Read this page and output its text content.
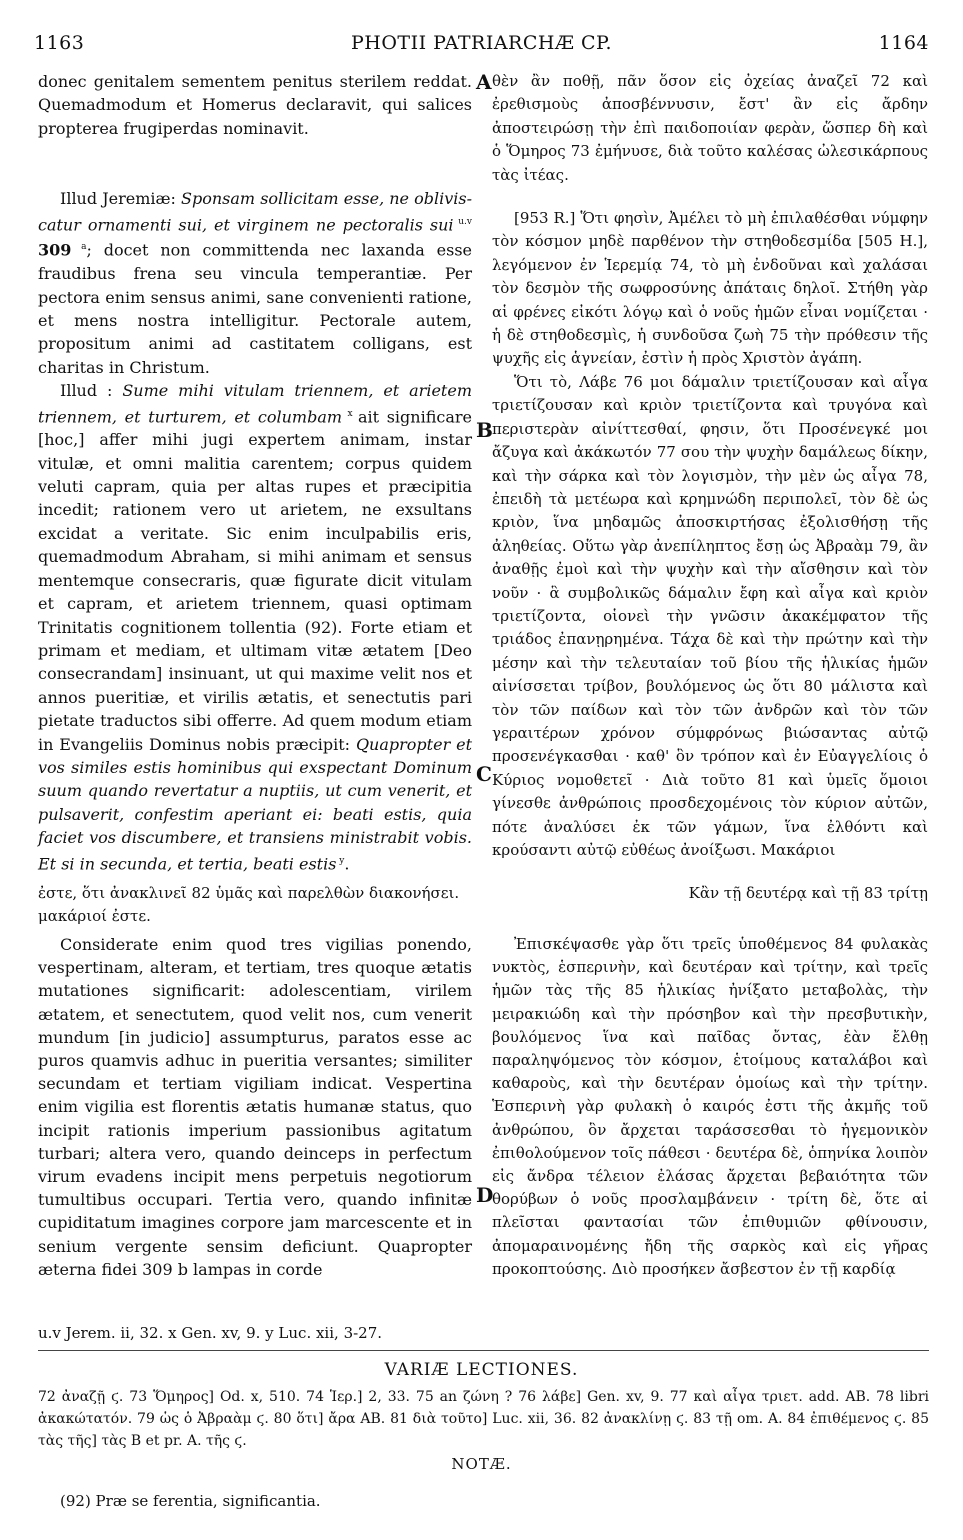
1163	PHOTII PATRIARCHÆ CP.	1164

donec genitalem sementem penitus sterilem reddat. Quemadmodum et Homerus declaravit, qui salices propterea frugiperdas nominavit.

Illud Jeremiæ: Sponsam sollicitam esse, ne oblivis-catur ornamenti sui, et virginem ne pectoralis sui $^{u.v}$ 309 $^a$; docet non committenda nec laxanda esse fraudibus frena seu vincula temperantiæ. Per pectora enim sensus animi, sane convenienti ratione, et mens nostra intelligitur. Pectorale autem, propositum animi ad castitatem colligans, est charitas in Christum.

Illud : Sume mihi vitulam triennem, et arietem triennem, et turturem, et columbam $^x$ ait significare [hoc,] affer mihi jugi expertem animam, instar vitulæ, et omni malitia carentem; corpus quidem veluti capram, quia per altas rupes et præcipitia incedit; rationem vero ut arietem, ne exsultans excidat a veritate. Sic enim inculpabilis eris, quemadmodum Abraham, si mihi animam et sensus mentemque consecraris, quæ figurate dicit vitulam et capram, et arietem triennem, quasi optimam Trinitatis cognitionem tollentia (92). Forte etiam et primam et mediam, et ultimam vitæ ætatem [Deo consecrandam] insinuant, ut qui maxime velit nos et annos pueritiæ, et virilis ætatis, et senectutis pari pietate traductos sibi offerre. Ad quem modum etiam in Evangeliis Dominus nobis præcipit: Quapropter et vos similes estis hominibus qui exspectant Dominum suum quando revertatur a nuptiis, ut cum venerit, et pulsaverit, confestim aperiant ei: beati estis, quia faciet vos discumbere, et transiens ministrabit vobis. Et si in secunda, et tertia, beati estis $^y$.

θὲν ἂν ποθῇ, πᾶν ὅσον εἰς ὀχείας ἀναζεῖ 72 καὶ ἐρεθισμοὺς ἀποσβέννυσιν, ἔστ' ἂν εἰς ἄρδην ἀποστειρώσῃ τὴν ἐπὶ παιδοποιίαν φερὰν, ὥσπερ δὴ καὶ ὁ Ὅμηρος 73 ἐμήνυσε, διὰ τοῦτο καλέσας ὠλεσικάρπους τὰς ἰτέας.

[953 R.] Ὅτι φησὶν, Ἀμέλει τὸ μὴ ἐπιλαθέσθαι νύμφην τὸν κόσμον μηδὲ παρθένον τὴν στηθοδεσμίδα [505 H.], λεγόμενον ἐν Ἱερεμίᾳ 74, τὸ μὴ ἐνδοῦναι καὶ χαλάσαι τὸν δεσμὸν τῆς σωφροσύνης ἀπάταις δηλοῖ. Στήθη γὰρ αἱ φρένες εἰκότι λόγῳ καὶ ὁ νοῦς ἡμῶν εἶναι νομίζεται · ἡ δὲ στηθοδεσμὶς, ἡ συνδοῦσα ζωὴ 75 τὴν πρόθεσιν τῆς ψυχῆς εἰς ἁγνείαν, ἐστὶν ἡ πρὸς Χριστὸν ἀγάπη.

Ὅτι τὸ, Λάβε 76 μοι δάμαλιν τριετίζουσαν καὶ αἶγα τριετίζουσαν καὶ κριὸν τριετίζοντα καὶ τρυγόνα καὶ περιστερὰν αἰνίττεσθαί, φησιν, ὅτι Προσένεγκέ μοι ἄζυγα καὶ ἀκάκωτόν 77 σου τὴν ψυχὴν δαμάλεως δίκην, καὶ τὴν σάρκα καὶ τὸν λογισμὸν, τὴν μὲν ὡς αἶγα 78, ἐπειδὴ τὰ μετέωρα καὶ κρημνώδη περιπολεῖ, τὸν δὲ ὡς κριὸν, ἵνα μηδαμῶς ἀποσκιρτήσας ἐξολισθήσῃ τῆς ἀληθείας. Οὕτω γὰρ ἀνεπίληπτος ἔσῃ ὡς Ἀβραὰμ 79, ἂν ἀναθῇς ἐμοὶ καὶ τὴν ψυχὴν καὶ τὴν αἴσθησιν καὶ τὸν νοῦν · ἃ συμβολικῶς δάμαλιν ἔφη καὶ αἶγα καὶ κριὸν τριετίζοντα, οἱονεὶ τὴν γνῶσιν ἀκακέμφατον τῆς τριάδος ἐπανῃρημένα. Τάχα δὲ καὶ τὴν πρώτην καὶ τὴν μέσην καὶ τὴν τελευταίαν τοῦ βίου τῆς ἡλικίας ἡμῶν αἰνίσσεται τρίβον, βουλόμενος ὡς ὅτι 80 μάλιστα καὶ τὸν τῶν παίδων καὶ τὸν τῶν ἀνδρῶν καὶ τὸν τῶν γεραιτέρων χρόνον σύμφρόνως βιώσαντας αὐτῷ προσενέγκασθαι · καθ' ὃν τρόπον καὶ ἐν Εὐαγγελίοις ὁ Κύριος νομοθετεῖ · Διὰ τοῦτο 81 καὶ ὑμεῖς ὅμοιοι γίνεσθε ἀνθρώποις προσδεχομένοις τὸν κύριον αὐτῶν, πότε ἀναλύσει ἐκ τῶν γάμων, ἵνα ἐλθόντι καὶ κρούσαντι αὐτῷ εὐθέως ἀνοίξωσι. Μακάριοι

A
B
C
D
ἐστε, ὅτι ἀνακλινεῖ 82 ὑμᾶς καὶ παρελθὼν διακονήσει.	Κἂν τῇ δευτέρᾳ καὶ τῇ 83 τρίτῃ
μακάριοί ἐστε.

Considerate enim quod tres vigilias ponendo, vespertinam, alteram, et tertiam, tres quoque ætatis mutationes significarit: adolescentiam, virilem ætatem, et senectutem, quod velit nos, cum venerit mundum [in judicio] assumpturus, paratos esse ac puros quamvis adhuc in pueritia versantes; similiter secundam et tertiam vigiliam indicat. Vespertina enim vigilia est florentis ætatis humanæ status, quo incipit rationis imperium passionibus agitatum turbari; altera vero, quando deinceps in perfectum virum evadens incipit mens perpetuis negotiorum tumultibus occupari. Tertia vero, quando infinitæ cupiditatum imagines corpore jam marcescente et in senium vergente sensim deficiunt. Quapropter æterna fidei 309 b lampas in corde

Ἐπισκέψασθε γὰρ ὅτι τρεῖς ὑποθέμενος 84 φυλακὰς νυκτὸς, ἑσπερινὴν, καὶ δευτέραν καὶ τρίτην, καὶ τρεῖς ἡμῶν τὰς τῆς 85 ἡλικίας ἠνίξατο μεταβολὰς, τὴν μειρακιώδη καὶ τὴν πρόσηβον καὶ τὴν πρεσβυτικὴν, βουλόμενος ἵνα καὶ παῖδας ὄντας, ἐὰν ἔλθῃ παραληψόμενος τὸν κόσμον, ἑτοίμους καταλάβοι καὶ καθαροὺς, καὶ τὴν δευτέραν ὁμοίως καὶ τὴν τρίτην. Ἑσπερινὴ γὰρ φυλακὴ ὁ καιρός ἐστι τῆς ἀκμῆς τοῦ ἀνθρώπου, ὃν ἄρχεται ταράσσεσθαι τὸ ἡγεμονικὸν ἐπιθολούμενον τοῖς πάθεσι · δευτέρα δὲ, ὁπηνίκα λοιπὸν εἰς ἄνδρα τέλειον ἐλάσας ἄρχεται βεβαιότητα τῶν θορύβων ὁ νοῦς προσλαμβάνειν · τρίτη δὲ, ὅτε αἱ πλεῖσται φαντασίαι τῶν ἐπιθυμιῶν φθίνουσιν, ἀπομαραινομένης ἤδη τῆς σαρκὸς καὶ εἰς γῆρας προκοπτούσης. Διὸ προσήκεν ἄσβεστον ἐν τῇ καρδίᾳ

u.v Jerem. ii, 32. x Gen. xv, 9. y Luc. xii, 3-27.
VARIÆ LECTIONES.
72 ἀναζῇ ϛ. 73 Ὅμηρος] Od. x, 510. 74 Ἱερ.] 2, 33. 75 an ζώνη ? 76 λάβε] Gen. xv, 9. 77 καὶ αἶγα τριετ. add. AB. 78 libri ἀκακώτατόν. 79 ὡς ὁ Ἀβραὰμ ϛ. 80 ὅτι] ἄρα AB. 81 διὰ τοῦτο] Luc. xii, 36. 82 ἀνακλίνῃ ϛ. 83 τῇ om. A. 84 ἐπιθέμενος ϛ. 85 τὰς τῆς] τὰς B et pr. A. τῆς ϛ.
NOTÆ.
(92) Præ se ferentia, significantia.
